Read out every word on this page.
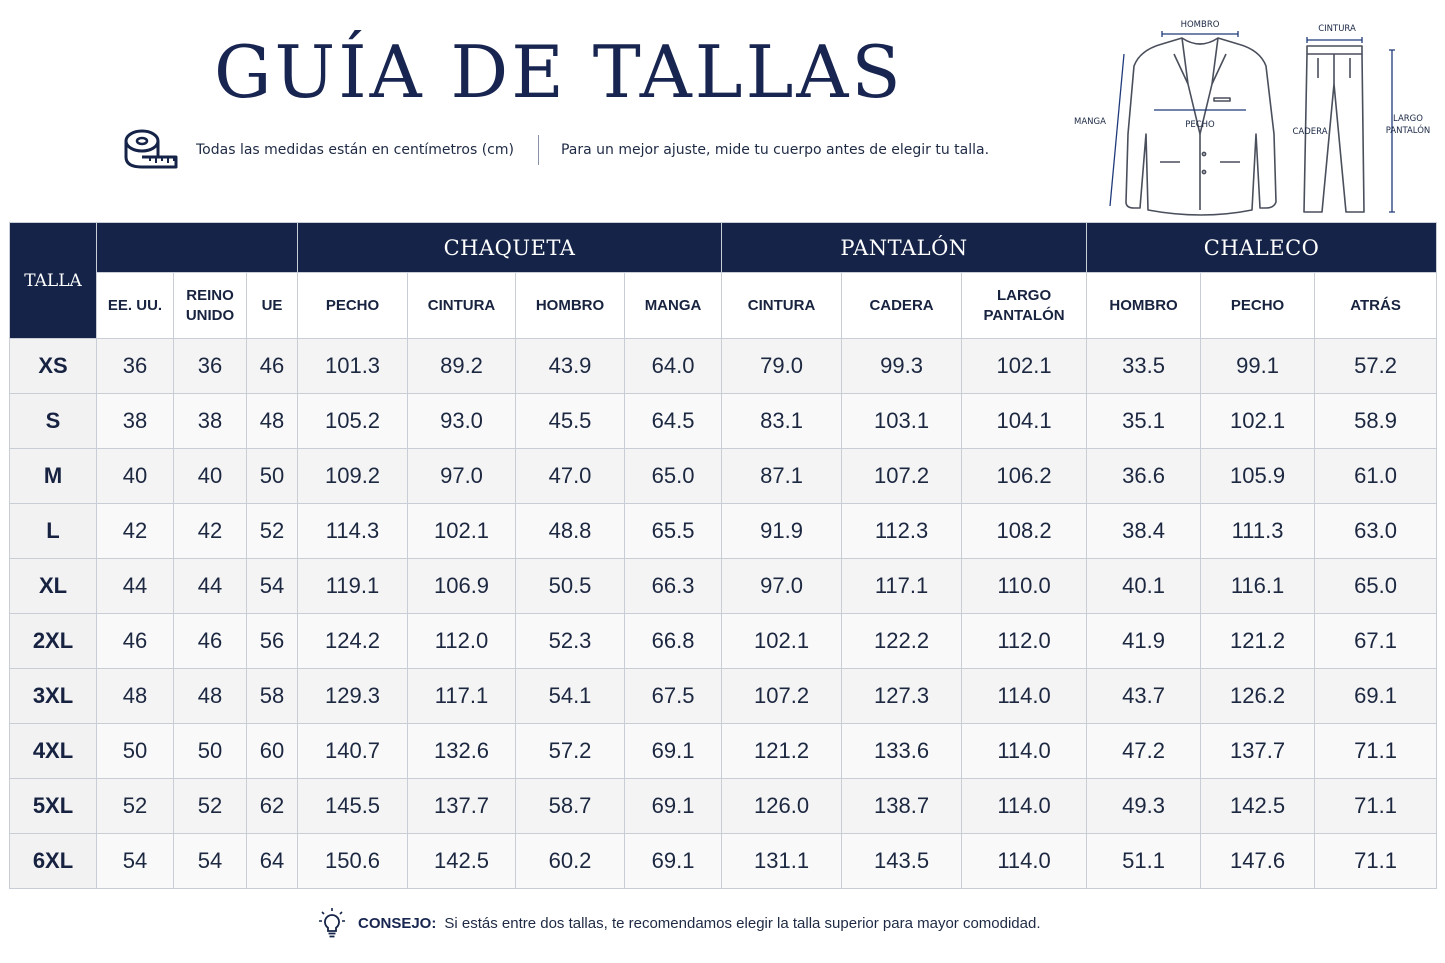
GUÍA DE TALLAS
Todas las medidas están en centímetros (cm)	Para un mejor ajuste, mide tu cuerpo antes de elegir tu talla.
HOMBRO	CINTURA
MANGA	PECHO
CADERA
LARGO
PANTALÓN
TALLA				CHAQUETA				PANTALÓN			CHALECO		
	EE. UU.	REINO
UNIDO	UE	PECHO	CINTURA	HOMBRO	MANGA	CINTURA	CADERA	LARGO
PANTALÓN	HOMBRO	PECHO	ATRÁS
XS	36	36	46	101.3	89.2	43.9	64.0	79.0	99.3	102.1	33.5	99.1	57.2
S	38	38	48	105.2	93.0	45.5	64.5	83.1	103.1	104.1	35.1	102.1	58.9
M	40	40	50	109.2	97.0	47.0	65.0	87.1	107.2	106.2	36.6	105.9	61.0
L	42	42	52	114.3	102.1	48.8	65.5	91.9	112.3	108.2	38.4	111.3	63.0
XL	44	44	54	119.1	106.9	50.5	66.3	97.0	117.1	110.0	40.1	116.1	65.0
2XL	46	46	56	124.2	112.0	52.3	66.8	102.1	122.2	112.0	41.9	121.2	67.1
3XL	48	48	58	129.3	117.1	54.1	67.5	107.2	127.3	114.0	43.7	126.2	69.1
4XL	50	50	60	140.7	132.6	57.2	69.1	121.2	133.6	114.0	47.2	137.7	71.1
5XL	52	52	62	145.5	137.7	58.7	69.1	126.0	138.7	114.0	49.3	142.5	71.1
6XL	54	54	64	150.6	142.5	60.2	69.1	131.1	143.5	114.0	51.1	147.6	71.1
CONSEJO: Si estás entre dos tallas, te recomendamos elegir la talla superior para mayor comodidad.
